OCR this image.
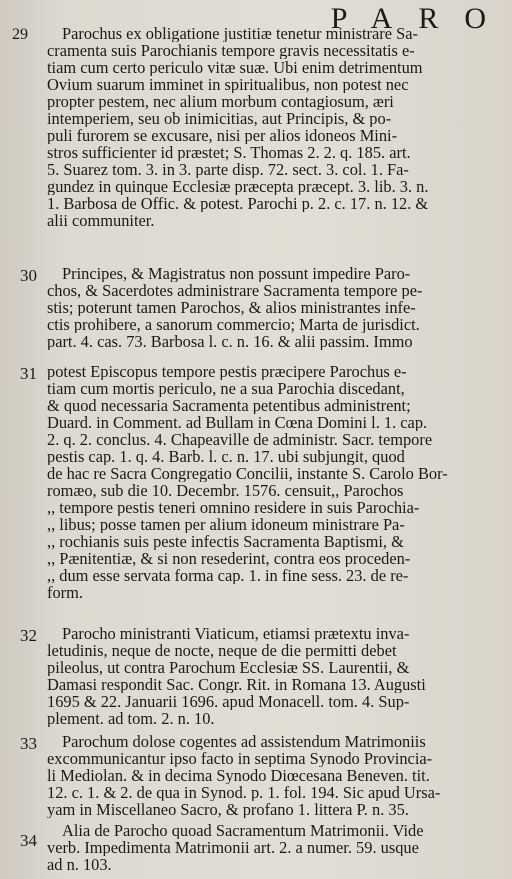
29	PARO
Parochus ex obligatione justitiæ tenetur ministrare Sa-
cramenta suis Parochianis tempore gravis necessitatis e-
tiam cum certo periculo vitæ suæ. Ubi enim detrimentum
Ovium suarum imminet in spiritualibus, non potest nec
propter pestem, nec alium morbum contagiosum, æri
intemperiem, seu ob inimicitias, aut Principis, & po-
puli furorem se excusare, nisi per alios idoneos Mini-
stros sufficienter id præstet; S. Thomas 2. 2. q. 185. art.
5. Suarez tom. 3. in 3. parte disp. 72. sect. 3. col. 1. Fa-
gundez in quinque Ecclesiæ præcepta præcept. 3. lib. 3. n.
1. Barbosa de Offic. & potest. Parochi p. 2. c. 17. n. 12. &
alii communiter.
30 Principes, & Magistratus non possunt impedire Paro-
chos, & Sacerdotes administrare Sacramenta tempore pe-
stis; poterunt tamen Parochos, & alios ministrantes infe-
ctis prohibere, a sanorum commercio; Marta de jurisdict.
part. 4. cas. 73. Barbosa l. c. n. 16. & alii passim. Immo
31 potest Episcopus tempore pestis præcipere Parochus e-
tiam cum mortis periculo, ne a sua Parochia discedant,
& quod necessaria Sacramenta petentibus administrent;
Duard. in Comment. ad Bullam in Cœna Domini l. 1. cap.
2. q. 2. conclus. 4. Chapeaville de administr. Sacr. tempore
pestis cap. 1. q. 4. Barb. l. c. n. 17. ubi subjungit, quod
de hac re Sacra Congregatio Concilii, instante S. Carolo Bor-
romæo, sub die 10. Decembr. 1576. censuit,, Parochos
,, tempore pestis teneri omnino residere in suis Parochia-
,, libus; posse tamen per alium idoneum ministrare Pa-
,, rochianis suis peste infectis Sacramenta Baptismi, &
,, Pænitentiæ, & si non resederint, contra eos proceden-
,, dum esse servata forma cap. 1. in fine sess. 23. de re-
form.
32 Parocho ministranti Viaticum, etiamsi prætextu inva-
letudinis, neque de nocte, neque de die permitti debet
pileolus, ut contra Parochum Ecclesiæ SS. Laurentii, &
Damasi respondit Sac. Congr. Rit. in Romana 13. Augusti
1695 & 22. Januarii 1696. apud Monacell. tom. 4. Sup-
plement. ad tom. 2. n. 10.
33 Parochum dolose cogentes ad assistendum Matrimoniis
excommunicantur ipso facto in septima Synodo Provincia-
li Mediolan. & in decima Synodo Diœcesana Beneven. tit.
12. c. 1. & 2. de qua in Synod. p. 1. fol. 194. Sic apud Ursa-
yam in Miscellaneo Sacro, & profano 1. littera P. n. 35.
34
Alia de Parocho quoad Sacramentum Matrimonii. Vide
verb. Impedimenta Matrimonii art. 2. a numer. 59. usque
ad n. 103.
